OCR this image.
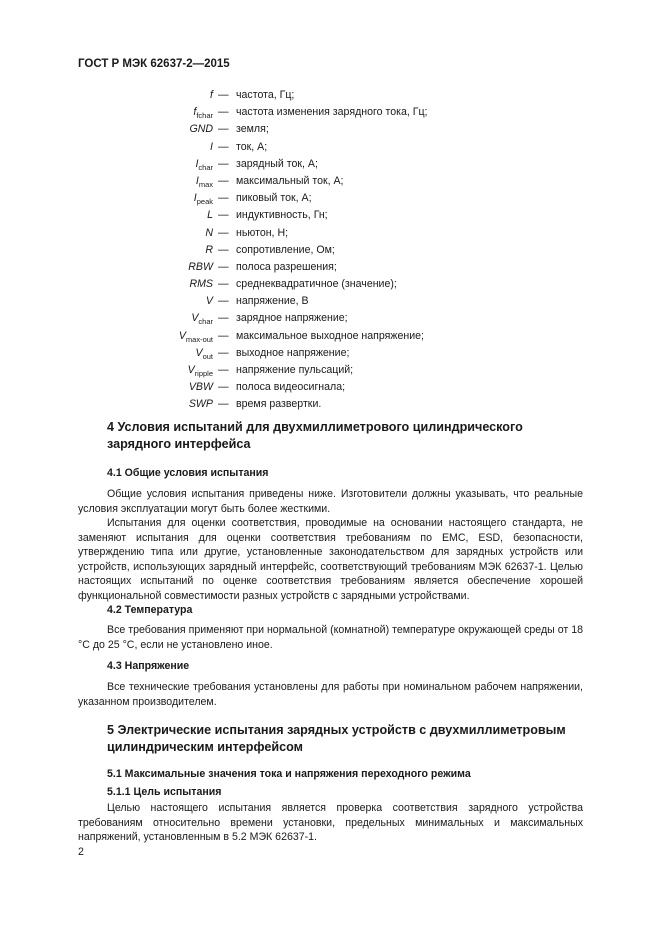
ГОСТ Р МЭК 62637-2—2015
f — частота, Гц;
$f_{fchar}$ — частота изменения зарядного тока, Гц;
GND — земля;
I — ток, А;
$I_{char}$ — зарядный ток, А;
$I_{max}$ — максимальный ток, А;
$I_{peak}$ — пиковый ток, А;
L — индуктивность, Гн;
N — ньютон, Н;
R — сопротивление, Ом;
RBW — полоса разрешения;
RMS — среднеквадратичное (значение);
V — напряжение, В
$V_{char}$ — зарядное напряжение;
$V_{max-out}$ — максимальное выходное напряжение;
$V_{out}$ — выходное напряжение;
$V_{ripple}$ — напряжение пульсаций;
VBW — полоса видеосигнала;
SWP — время развертки.
4 Условия испытаний для двухмиллиметрового цилиндрического
зарядного интерфейса
4.1 Общие условия испытания

Общие условия испытания приведены ниже. Изготовители должны указывать, что реальные условия эксплуатации могут быть более жесткими.

Испытания для оценки соответствия, проводимые на основании настоящего стандарта, не заменяют испытания для оценки соответствия требованиям по EMC, ESD, безопасности, утверждению типа или другие, установленные законодательством для зарядных устройств или устройств, использующих зарядный интерфейс, соответствующий требованиям МЭК 62637-1. Целью настоящих испытаний по оценке соответствия требованиям является обеспечение хорошей функциональной совместимости разных устройств с зарядными устройствами.

4.2 Температура

Все требования применяют при нормальной (комнатной) температуре окружающей среды от 18 °C до 25 °C, если не установлено иное.

4.3 Напряжение

Все технические требования установлены для работы при номинальном рабочем напряжении, указанном производителем.

5 Электрические испытания зарядных устройств с двухмиллиметровым
цилиндрическим интерфейсом
5.1 Максимальные значения тока и напряжения переходного режима
5.1.1 Цель испытания

Целью настоящего испытания является проверка соответствия зарядного устройства требованиям относительно времени установки, предельных минимальных и максимальных напряжений, установленным в 5.2 МЭК 62637-1.

2
